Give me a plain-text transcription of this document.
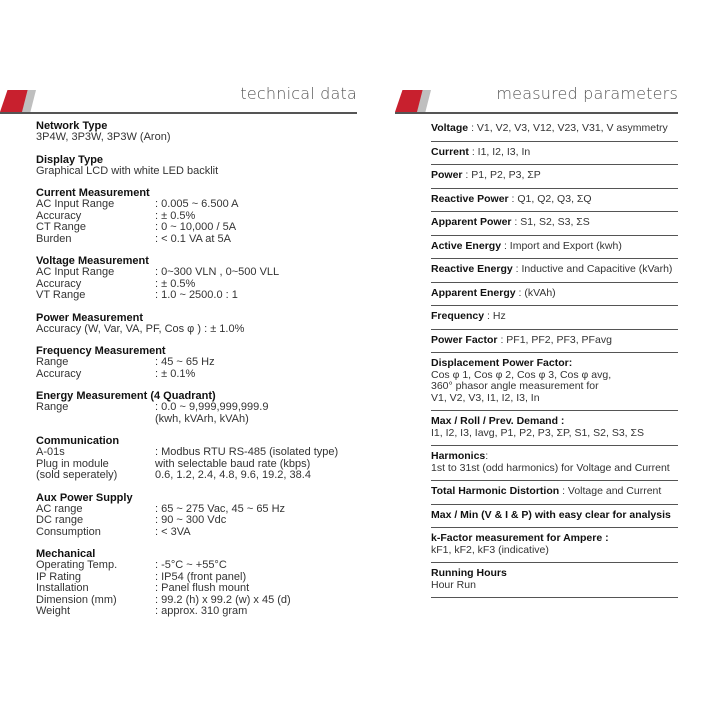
technical data	measured parameters
Network Type
3P4W, 3P3W, 3P3W (Aron)
Display Type
Graphical LCD with white LED backlit
Current Measurement
AC Input Range	: 0.005 ~ 6.500 A
Accuracy	: ± 0.5%
CT Range	: 0 ~ 10,000 / 5A
Burden	: < 0.1 VA at 5A
Voltage Measurement
AC Input Range	: 0~300 VLN , 0~500 VLL
Accuracy	: ± 0.5%
VT Range	: 1.0 ~ 2500.0 : 1
Power Measurement
Accuracy (W, Var, VA, PF, Cos φ ) : ± 1.0%
Frequency Measurement
Range	: 45 ~ 65 Hz
Accuracy	: ± 0.1%
Energy Measurement (4 Quadrant)
Range	: 0.0 ~ 9,999,999,999.9
(kwh, kVArh, kVAh)
Communication
A-01s	: Modbus RTU RS-485 (isolated type)
Plug in module	with selectable baud rate (kbps)
(sold seperately)	0.6, 1.2, 2.4, 4.8, 9.6, 19.2, 38.4
Aux Power Supply
AC range	: 65 ~ 275 Vac, 45 ~ 65 Hz
DC range	: 90 ~ 300 Vdc
Consumption	: < 3VA
Mechanical
Operating Temp.	: -5°C ~ +55°C
IP Rating	: IP54 (front panel)
Installation	: Panel flush mount
Dimension (mm)	: 99.2 (h) x 99.2 (w) x 45 (d)
Weight	: approx. 310 gram
Voltage : V1, V2, V3, V12, V23, V31, V asymmetry
Current : I1, I2, I3, In
Power : P1, P2, P3, ΣP
Reactive Power : Q1, Q2, Q3, ΣQ
Apparent Power : S1, S2, S3, ΣS
Active Energy : Import and Export (kwh)
Reactive Energy : Inductive and Capacitive (kVarh)
Apparent Energy : (kVAh)
Frequency : Hz
Power Factor : PF1, PF2, PF3, PFavg
Displacement Power Factor:
Cos φ 1, Cos φ 2, Cos φ 3, Cos φ avg,
360° phasor angle measurement for
V1, V2, V3, I1, I2, I3, In
Max / Roll / Prev. Demand :
I1, I2, I3, Iavg, P1, P2, P3, ΣP, S1, S2, S3, ΣS
Harmonics:
1st to 31st (odd harmonics) for Voltage and Current
Total Harmonic Distortion : Voltage and Current
Max / Min (V & I & P) with easy clear for analysis
k-Factor measurement for Ampere :
kF1, kF2, kF3 (indicative)
Running Hours
Hour Run
